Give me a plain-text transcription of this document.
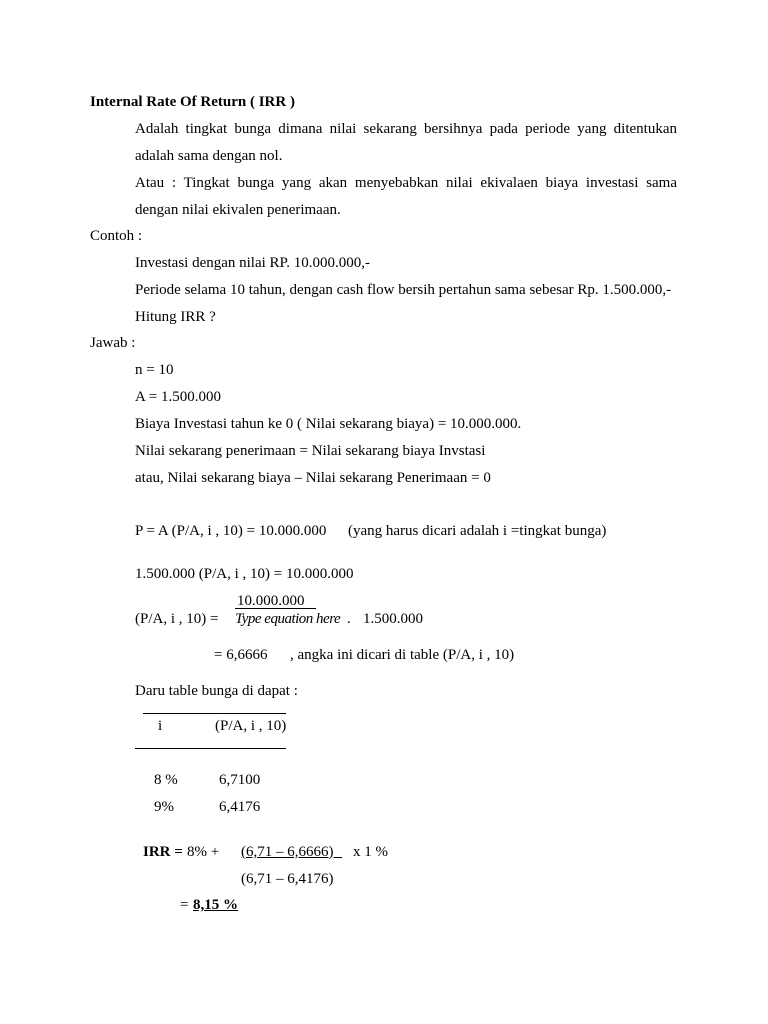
Internal Rate Of Return ( IRR )
Adalah tingkat bunga dimana nilai sekarang bersihnya pada periode yang ditentukan
adalah sama dengan nol.
Atau : Tingkat bunga yang akan menyebabkan nilai ekivalaen biaya investasi sama
dengan nilai ekivalen penerimaan.
Contoh :
Investasi dengan nilai RP. 10.000.000,-
Periode selama 10 tahun, dengan cash flow bersih pertahun sama sebesar Rp. 1.500.000,-
Hitung IRR ?
Jawab :
n = 10
A = 1.500.000
Biaya Investasi tahun ke 0 ( Nilai sekarang biaya) = 10.000.000.
Nilai sekarang penerimaan = Nilai sekarang biaya Invstasi
atau, Nilai sekarang biaya – Nilai sekarang Penerimaan = 0
P = A (P/A, i , 10) = 10.000.000 (yang harus dicari adalah i =tingkat bunga)
1.500.000 (P/A, i , 10) = 10.000.000
10.000.000
(P/A, i , 10) = Type equation here . 1.500.000
= 6,6666 , angka ini dicari di table (P/A, i , 10)
Daru table bunga di dapat :
i	(P/A, i , 10)
8 %	6,7100
9%	6,4176
IRR = 8% + (6,71 – 6,6666) x 1 %
(6,71 – 6,4176)
= 8,15 %
